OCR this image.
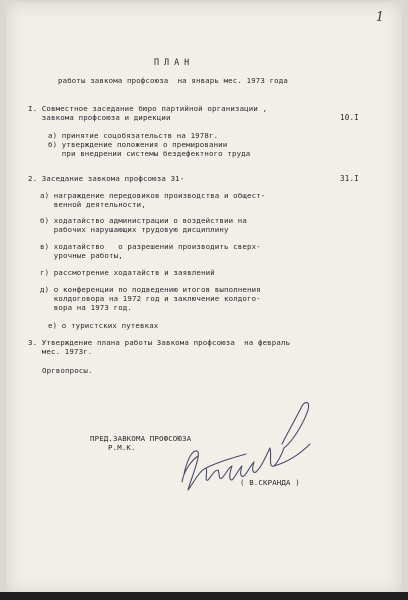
1
ПЛАН
работы завкома профсоюза  на январь мес. 1973 года
I. Совместное заседание бюро партийной организации ,
завкома профсоюза и дирекции	10.I
а) принятие соцобязательств на 1978г.
б) утверждение положения о премировании
при внедрении системы бездефектного труда
2. Заседание завкома профсоюза 31-	31.I
а) награждение передовиков производства и общест-
венной деятельности,
б) ходатайство администрации о воздействии на
рабочих нарушающих трудовую дисциплину
в) ходатайство   о разрешении производить сверх-
урочные работы,
г) рассмотрение ходатайств и заявлений
д) о конференции по подведению итогов выполнения
колдоговора на 1972 год и заключение колдого-
вора на 1973 год.
е) о туристских путевках
3. Утверждение плана работы Завкома профсоюза  на февраль
мес. 1973г.
Оргвопросы.
ПРЕД.ЗАВКОМА ПРОФСОЮЗА
Р.М.К.
( В.СКРАНДА )
